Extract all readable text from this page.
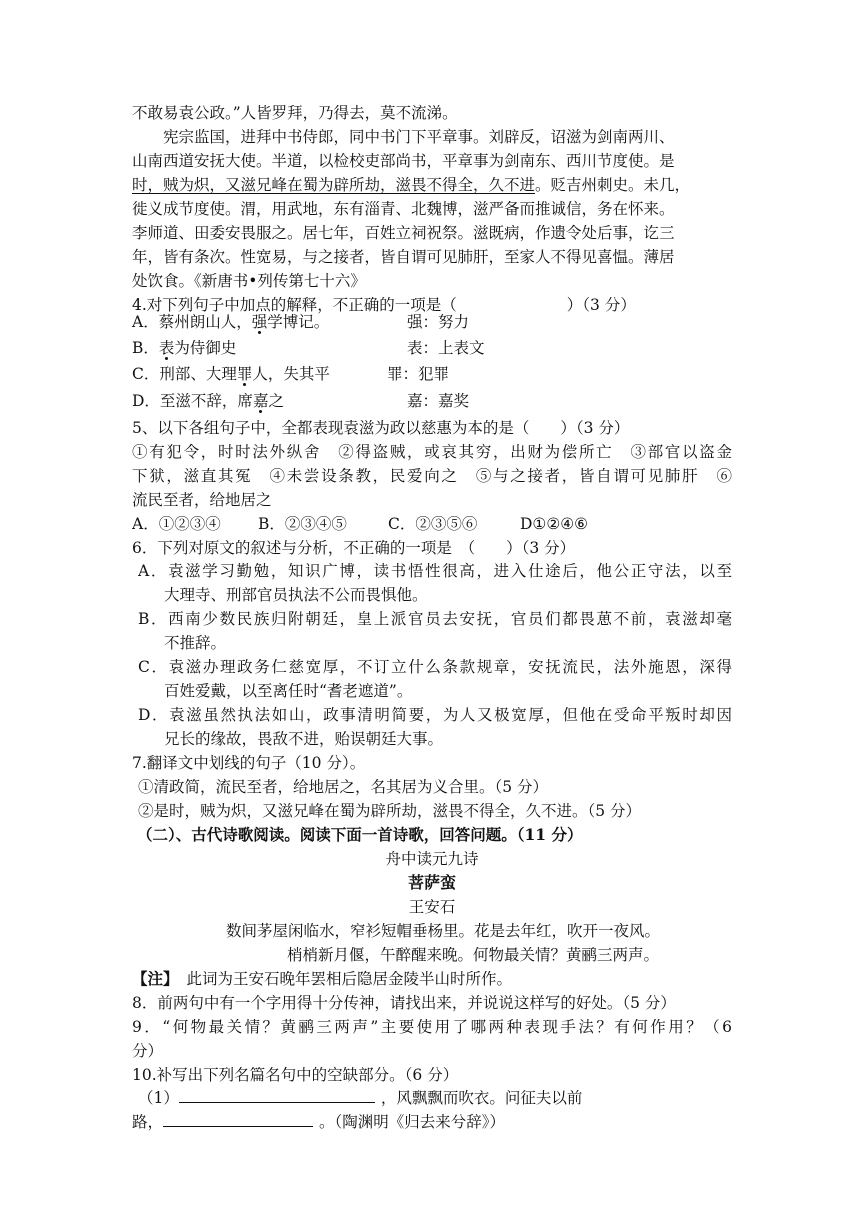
不敢易袁公政。”人皆罗拜，乃得去，莫不流涕。
宪宗监国，进拜中书侍郎，同中书门下平章事。刘辟反，诏滋为剑南两川、
山南西道安抚大使。半道，以检校吏部尚书，平章事为剑南东、西川节度使。是
时，贼为炽，又滋兄峰在蜀为辟所劫，滋畏不得全，久不进。贬吉州刺史。未几，
徙义成节度使。渭，用武地，东有淄青、北魏博，滋严备而推诚信，务在怀来。
李师道、田委安畏服之。居七年，百姓立祠祝祭。滋既病，作遗令处后事，讫三
年，皆有条次。性宽易，与之接者，皆自谓可见肺肝，至家人不得见喜愠。薄居
处饮食。《新唐书•列传第七十六》
4.对下列句子中加点的解释，不正确的一项是（	）（3 分）
A．蔡州朗山人，强学博记。	强：努力
B．表为侍御史	表：上表文
C．刑部、大理罪人，失其平	罪：犯罪
D．至滋不辞，席嘉之	嘉：嘉奖
5、以下各组句子中，全都表现袁滋为政以慈惠为本的是（　　）（3 分）
①有犯令，时时法外纵舍　②得盗贼，或哀其穷，出财为偿所亡　③部官以盗金
下狱，滋直其冤　④未尝设条教，民爱向之　⑤与之接者，皆自谓可见肺肝　⑥
流民至者，给地居之
A．①②③④ B．②③④⑤	C．②③⑤⑥	D①②④⑥
6．下列对原文的叙述与分析，不正确的一项是　（　　）（3 分）
A．袁滋学习勤勉，知识广博，读书悟性很高，进入仕途后，他公正守法，以至
大理寺、刑部官员执法不公而畏惧他。
B．西南少数民族归附朝廷，皇上派官员去安抚，官员们都畏葸不前，袁滋却毫
不推辞。
C．袁滋办理政务仁慈宽厚，不订立什么条款规章，安抚流民，法外施恩，深得
百姓爱戴，以至离任时“耆老遮道”。
D．袁滋虽然执法如山，政事清明简要，为人又极宽厚，但他在受命平叛时却因
兄长的缘故，畏敌不进，贻误朝廷大事。
7.翻译文中划线的句子（10 分）。
①清政简，流民至者，给地居之，名其居为义合里。（5 分）
②是时，贼为炽，又滋兄峰在蜀为辟所劫，滋畏不得全，久不进。（5 分）
（二）、古代诗歌阅读。阅读下面一首诗歌，回答问题。（11 分）
舟中读元九诗
菩萨蛮
王安石
数间茅屋闲临水，窄衫短帽垂杨里。花是去年红，吹开一夜风。
梢梢新月偃，午醉醒来晚。何物最关情？黄鹂三两声。
【注】 此词为王安石晚年罢相后隐居金陵半山时所作。
8．前两句中有一个字用得十分传神，请找出来，并说说这样写的好处。（5 分）
9．“何物最关情？黄鹂三两声”主要使用了哪两种表现手法？有何作用？（6
分）
10.补写出下列名篇名句中的空缺部分。（6 分）
（1）	，风飘飘而吹衣。问征夫以前
路，	。（陶渊明《归去来兮辞》）
